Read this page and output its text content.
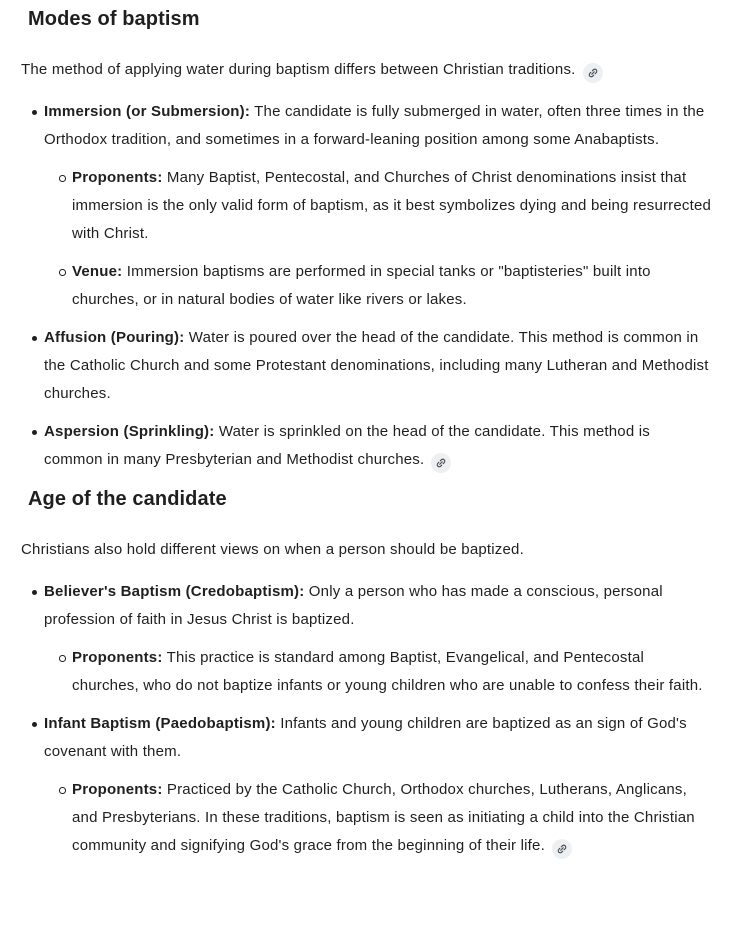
Modes of baptism

The method of applying water during baptism differs between Christian traditions.

Immersion (or Submersion): The candidate is fully submerged in water, often three times in the Orthodox tradition, and sometimes in a forward-leaning position among some Anabaptists.
Proponents: Many Baptist, Pentecostal, and Churches of Christ denominations insist that immersion is the only valid form of baptism, as it best symbolizes dying and being resurrected with Christ.
Venue: Immersion baptisms are performed in special tanks or "baptisteries" built into churches, or in natural bodies of water like rivers or lakes.
Affusion (Pouring): Water is poured over the head of the candidate. This method is common in the Catholic Church and some Protestant denominations, including many Lutheran and Methodist churches.
Aspersion (Sprinkling): Water is sprinkled on the head of the candidate. This method is common in many Presbyterian and Methodist churches.
Age of the candidate

Christians also hold different views on when a person should be baptized.

Believer's Baptism (Credobaptism): Only a person who has made a conscious, personal profession of faith in Jesus Christ is baptized.
Proponents: This practice is standard among Baptist, Evangelical, and Pentecostal churches, who do not baptize infants or young children who are unable to confess their faith.
Infant Baptism (Paedobaptism): Infants and young children are baptized as an sign of God's covenant with them.
Proponents: Practiced by the Catholic Church, Orthodox churches, Lutherans, Anglicans, and Presbyterians. In these traditions, baptism is seen as initiating a child into the Christian community and signifying God's grace from the beginning of their life.
